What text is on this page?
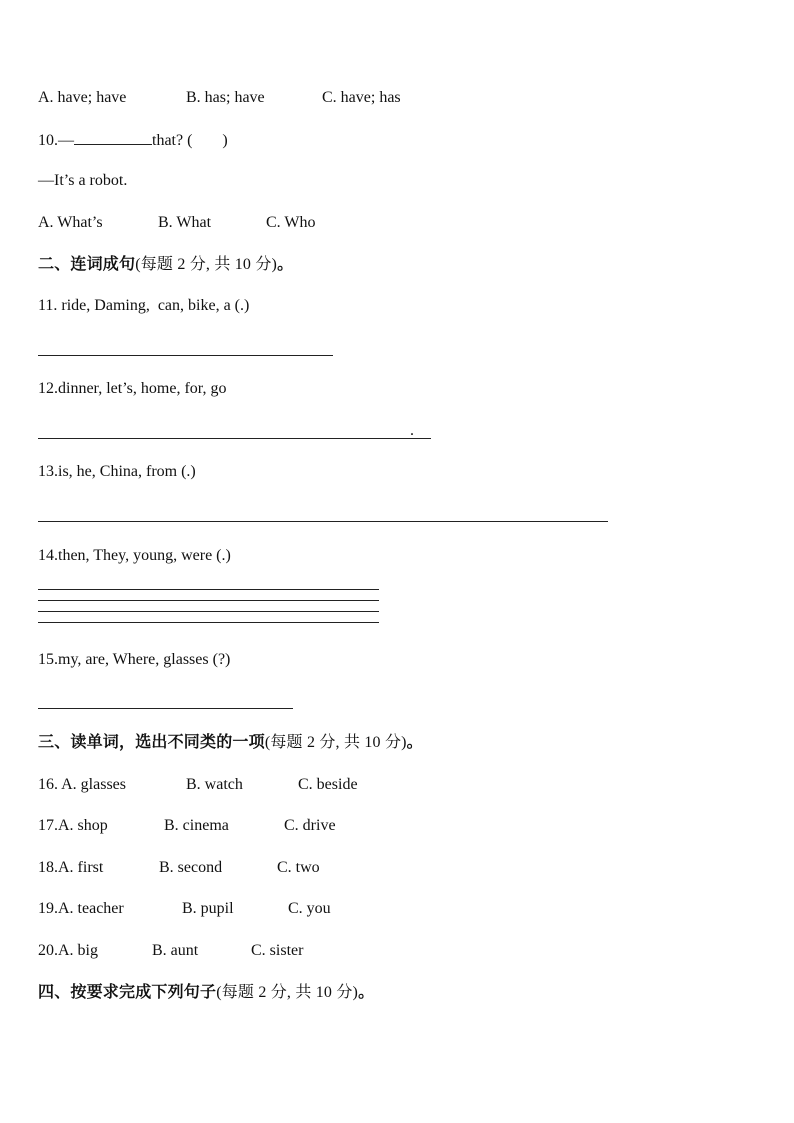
A. have; have	B. has; have	C. have; has
10.—	that? ( )
—It’s a robot.
A. What’s	B. What	C. Who
二、连词成句(每题 2 分, 共 10 分)。
11. ride, Daming,  can, bike, a (.)
12.dinner, let’s, home, for, go
.
13.is, he, China, from (.)
14.then, They, young, were (.)
15.my, are, Where, glasses (?)
三、读单词，选出不同类的一项(每题 2 分, 共 10 分)。
16. A. glasses	B. watch	C. beside
17.A. shop	B. cinema	C. drive
18.A. first	B. second	C. two
19.A. teacher	B. pupil	C. you
20.A. big	B. aunt	C. sister
四、按要求完成下列句子(每题 2 分, 共 10 分)。
